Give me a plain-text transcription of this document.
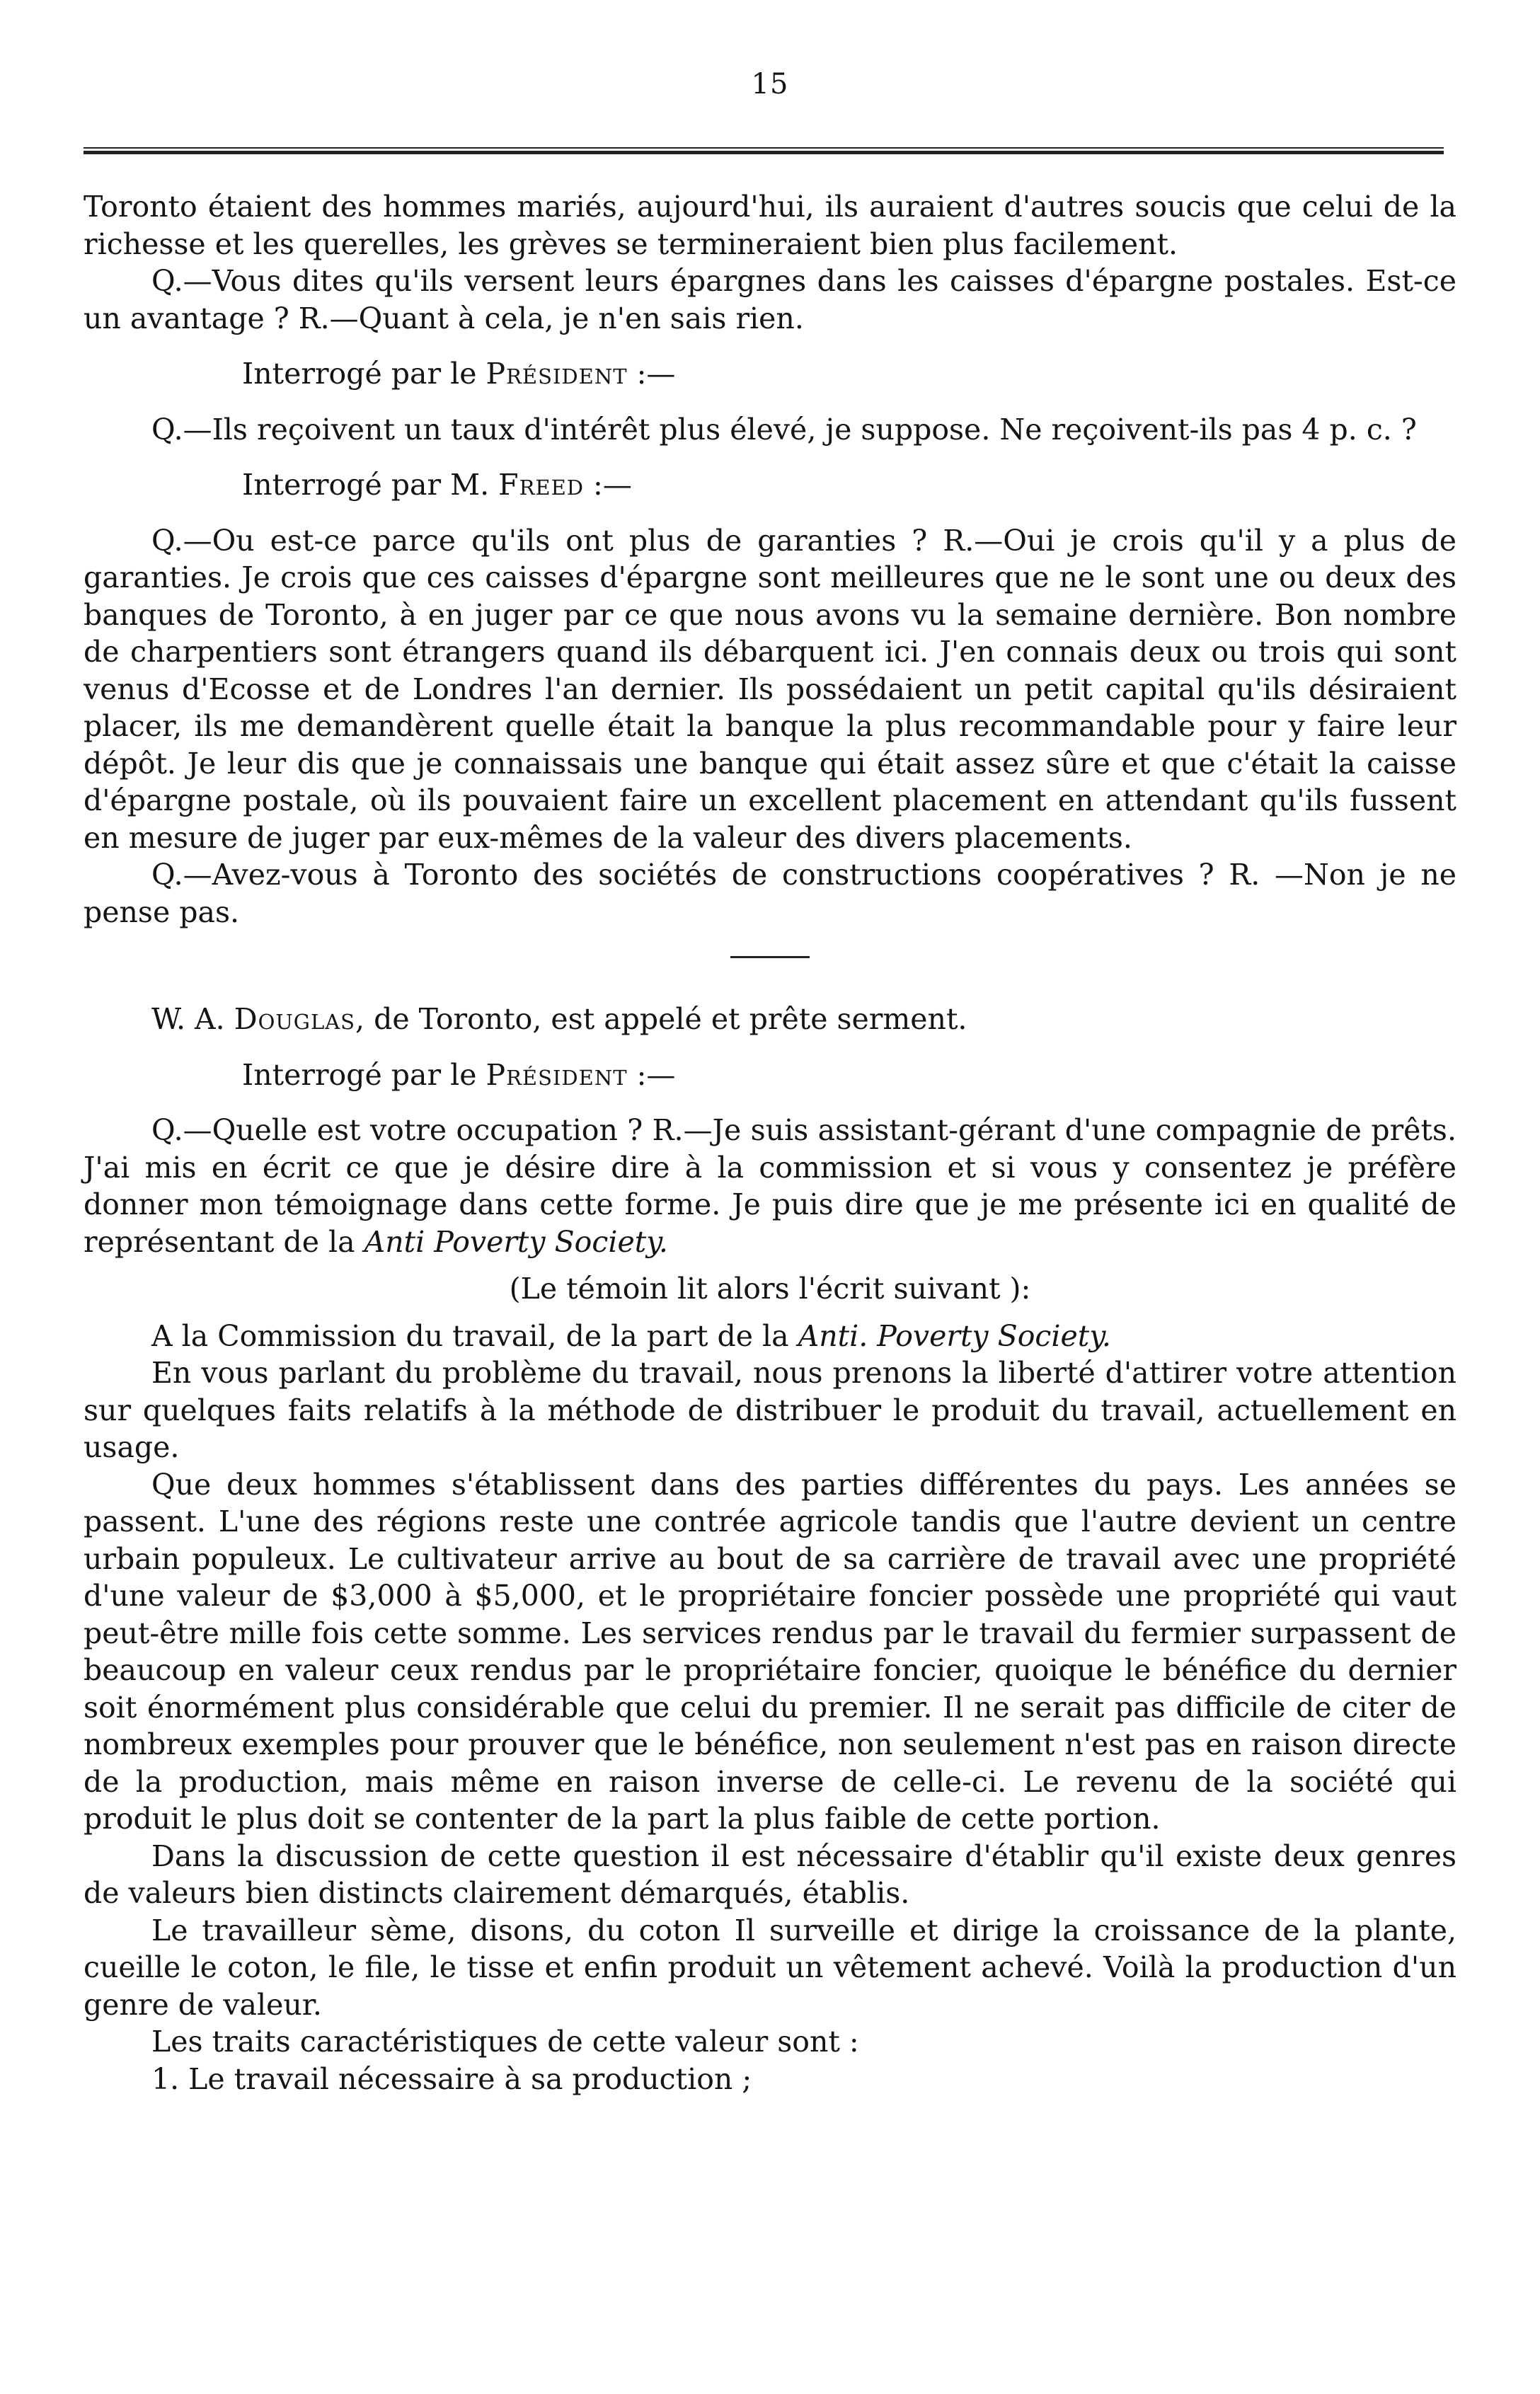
15

Toronto étaient des hommes mariés, aujourd'hui, ils auraient d'autres soucis que celui de la richesse et les querelles, les grèves se termineraient bien plus facilement.

Q.—Vous dites qu'ils versent leurs épargnes dans les caisses d'épargne postales. Est-ce un avantage ? R.—Quant à cela, je n'en sais rien.

Interrogé par le Président :—

Q.—Ils reçoivent un taux d'intérêt plus élevé, je suppose. Ne reçoivent-ils pas 4 p. c. ?

Interrogé par M. Freed :—

Q.—Ou est-ce parce qu'ils ont plus de garanties ? R.—Oui je crois qu'il y a plus de garanties. Je crois que ces caisses d'épargne sont meilleures que ne le sont une ou deux des banques de Toronto, à en juger par ce que nous avons vu la semaine dernière. Bon nombre de charpentiers sont étrangers quand ils débarquent ici. J'en connais deux ou trois qui sont venus d'Ecosse et de Londres l'an dernier. Ils possédaient un petit capital qu'ils désiraient placer, ils me demandèrent quelle était la banque la plus recommandable pour y faire leur dépôt. Je leur dis que je connaissais une banque qui était assez sûre et que c'était la caisse d'épargne postale, où ils pouvaient faire un excellent placement en attendant qu'ils fussent en mesure de juger par eux-mêmes de la valeur des divers placements.

Q.—Avez-vous à Toronto des sociétés de constructions coopératives ? R. —Non je ne pense pas.

W. A. Douglas, de Toronto, est appelé et prête serment.

Interrogé par le Président :—

Q.—Quelle est votre occupation ? R.—Je suis assistant-gérant d'une compagnie de prêts. J'ai mis en écrit ce que je désire dire à la commission et si vous y consentez je préfère donner mon témoignage dans cette forme. Je puis dire que je me présente ici en qualité de représentant de la Anti Poverty Society.

(Le témoin lit alors l'écrit suivant ):

A la Commission du travail, de la part de la Anti. Poverty Society.

En vous parlant du problème du travail, nous prenons la liberté d'attirer votre attention sur quelques faits relatifs à la méthode de distribuer le produit du travail, actuellement en usage.

Que deux hommes s'établissent dans des parties différentes du pays. Les années se passent. L'une des régions reste une contrée agricole tandis que l'autre devient un centre urbain populeux. Le cultivateur arrive au bout de sa carrière de travail avec une propriété d'une valeur de $3,000 à $5,000, et le propriétaire foncier possède une propriété qui vaut peut-être mille fois cette somme. Les services rendus par le travail du fermier surpassent de beaucoup en valeur ceux rendus par le propriétaire foncier, quoique le bénéfice du dernier soit énormément plus considérable que celui du premier. Il ne serait pas difficile de citer de nombreux exemples pour prouver que le bénéfice, non seulement n'est pas en raison directe de la production, mais même en raison inverse de celle-ci. Le revenu de la société qui produit le plus doit se contenter de la part la plus faible de cette portion.

Dans la discussion de cette question il est nécessaire d'établir qu'il existe deux genres de valeurs bien distincts clairement démarqués, établis.

Le travailleur sème, disons, du coton Il surveille et dirige la croissance de la plante, cueille le coton, le file, le tisse et enfin produit un vêtement achevé. Voilà la production d'un genre de valeur.

Les traits caractéristiques de cette valeur sont :

1. Le travail nécessaire à sa production ;
